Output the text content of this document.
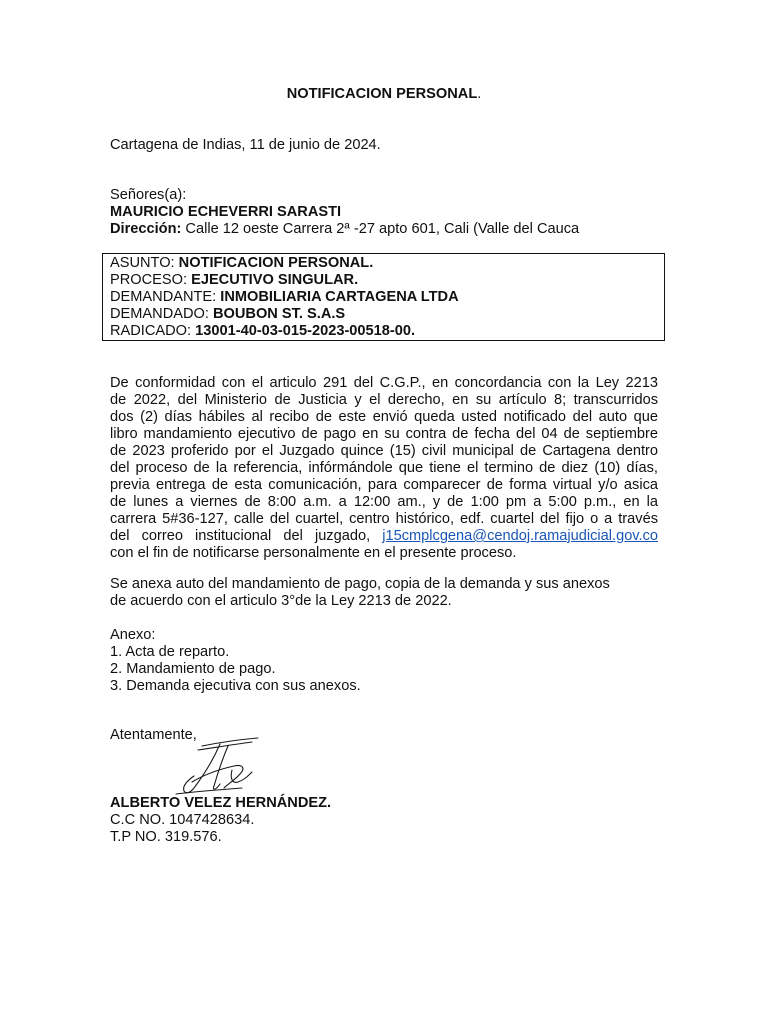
NOTIFICACION PERSONAL.
Cartagena de Indias, 11 de junio de 2024.
Señores(a):
MAURICIO ECHEVERRI SARASTI
Dirección: Calle 12 oeste Carrera 2ª -27 apto 601, Cali (Valle del Cauca
ASUNTO: NOTIFICACION PERSONAL.
PROCESO: EJECUTIVO SINGULAR.
DEMANDANTE: INMOBILIARIA CARTAGENA LTDA
DEMANDADO: BOUBON ST. S.A.S
RADICADO: 13001-40-03-015-2023-00518-00.
De conformidad con el articulo 291 del C.G.P., en concordancia con la Ley 2213
de 2022, del Ministerio de Justicia y el derecho, en su artículo 8; transcurridos
dos (2) días hábiles al recibo de este envió queda usted notificado del auto que
libro mandamiento ejecutivo de pago en su contra de fecha del 04 de septiembre
de 2023 proferido por el Juzgado quince (15) civil municipal de Cartagena dentro
del proceso de la referencia, infórmándole que tiene el termino de diez (10) días,
previa entrega de esta comunicación, para comparecer de forma virtual y/o asica
de lunes a viernes de 8:00 a.m. a 12:00 am., y de 1:00 pm a 5:00 p.m., en la
carrera 5#36-127, calle del cuartel, centro histórico, edf. cuartel del fijo o a través
del correo institucional del juzgado, j15cmplcgena@cendoj.ramajudicial.gov.co
con el fin de notificarse personalmente en el presente proceso.
Se anexa auto del mandamiento de pago, copia de la demanda y sus anexos
de acuerdo con el articulo 3°de la Ley 2213 de 2022.
Anexo:
1. Acta de reparto.
2. Mandamiento de pago.
3. Demanda ejecutiva con sus anexos.
Atentamente,
ALBERTO VELEZ HERNÁNDEZ.
C.C NO. 1047428634.
T.P NO. 319.576.
